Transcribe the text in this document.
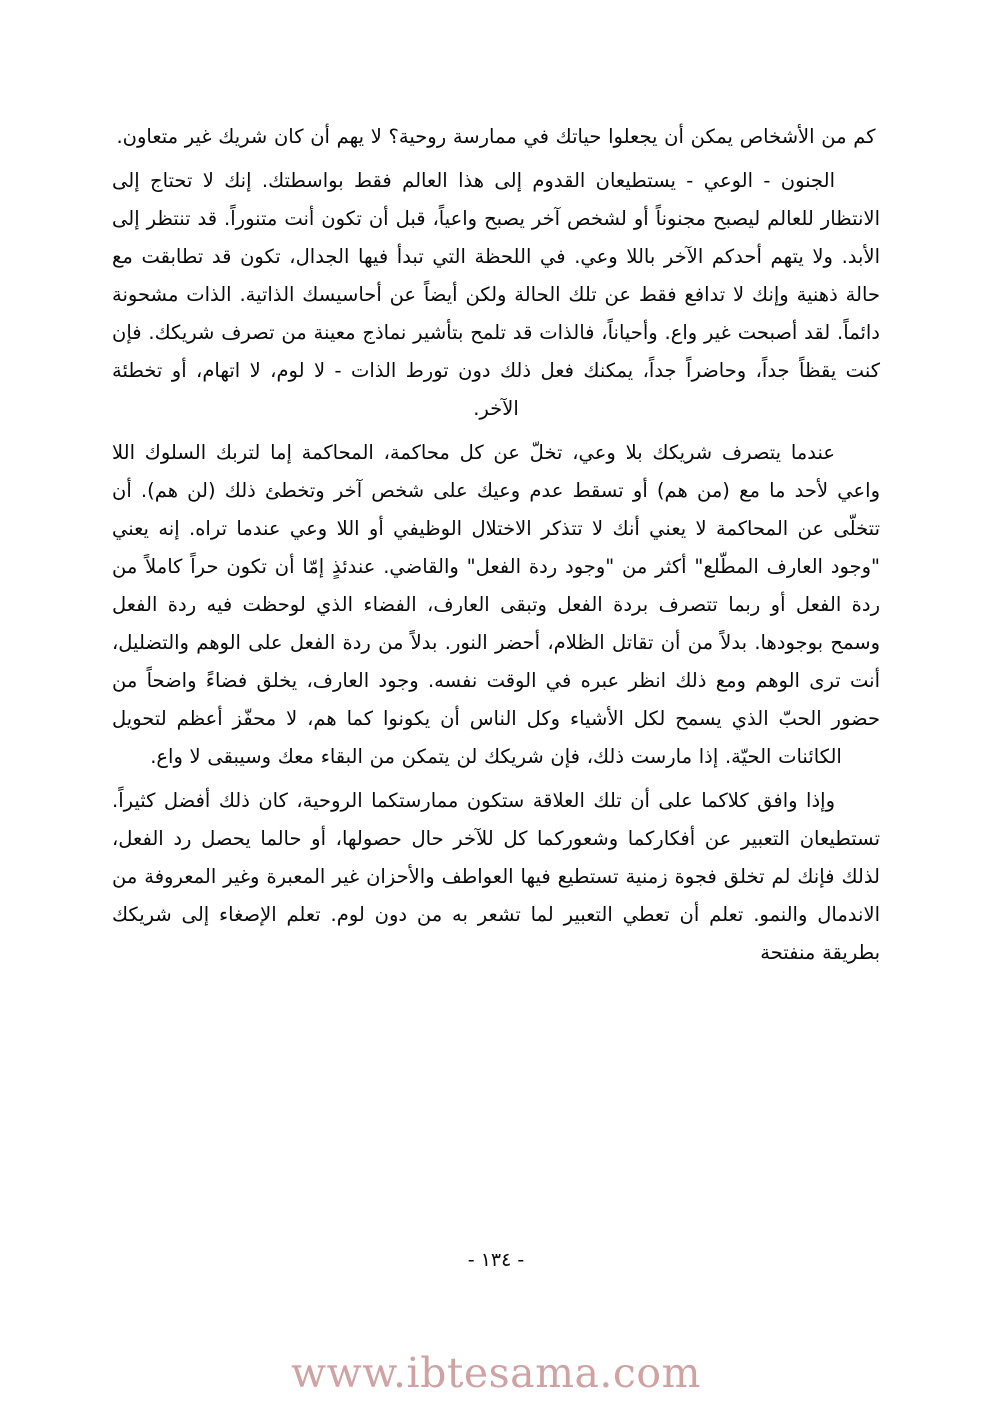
كم من الأشخاص يمكن أن يجعلوا حياتك في ممارسة روحية؟ لا يهم أن كان شريك غير متعاون.

الجنون - الوعي - يستطيعان القدوم إلى هذا العالم فقط بواسطتك. إنك لا تحتاج إلى الانتظار للعالم ليصبح مجنوناً أو لشخص آخر يصبح واعياً، قبل أن تكون أنت متنوراً. قد تنتظر إلى الأبد. ولا يتهم أحدكم الآخر باللا وعي. في اللحظة التي تبدأ فيها الجدال، تكون قد تطابقت مع حالة ذهنية وإنك لا تدافع فقط عن تلك الحالة ولكن أيضاً عن أحاسيسك الذاتية. الذات مشحونة دائماً. لقد أصبحت غير واع. وأحياناً، فالذات قد تلمح بتأشير نماذج معينة من تصرف شريكك. فإن كنت يقظاً جداً، وحاضراً جداً، يمكنك فعل ذلك دون تورط الذات - لا لوم، لا اتهام، أو تخطئة الآخر.

عندما يتصرف شريكك بلا وعي، تخلّ عن كل محاكمة، المحاكمة إما لتربك السلوك اللا واعي لأحد ما مع (من هم) أو تسقط عدم وعيك على شخص آخر وتخطئ ذلك (لن هم). أن تتخلّى عن المحاكمة لا يعني أنك لا تتذكر الاختلال الوظيفي أو اللا وعي عندما تراه. إنه يعني "وجود العارف المطّلع" أكثر من "وجود ردة الفعل" والقاضي. عندئذٍ إمّا أن تكون حراً كاملاً من ردة الفعل أو ربما تتصرف بردة الفعل وتبقى العارف، الفضاء الذي لوحظت فيه ردة الفعل وسمح بوجودها. بدلاً من أن تقاتل الظلام، أحضر النور. بدلاً من ردة الفعل على الوهم والتضليل، أنت ترى الوهم ومع ذلك انظر عبره في الوقت نفسه. وجود العارف، يخلق فضاءً واضحاً من حضور الحبّ الذي يسمح لكل الأشياء وكل الناس أن يكونوا كما هم، لا محفّز أعظم لتحويل الكائنات الحيّة. إذا مارست ذلك، فإن شريكك لن يتمكن من البقاء معك وسيبقى لا واع.

وإذا وافق كلاكما على أن تلك العلاقة ستكون ممارستكما الروحية، كان ذلك أفضل كثيراً. تستطيعان التعبير عن أفكاركما وشعوركما كل للآخر حال حصولها، أو حالما يحصل رد الفعل، لذلك فإنك لم تخلق فجوة زمنية تستطيع فيها العواطف والأحزان غير المعبرة وغير المعروفة من الاندمال والنمو. تعلم أن تعطي التعبير لما تشعر به من دون لوم. تعلم الإصغاء إلى شريكك بطريقة منفتحة

- ١٣٤ -
www.ibtesama.com
